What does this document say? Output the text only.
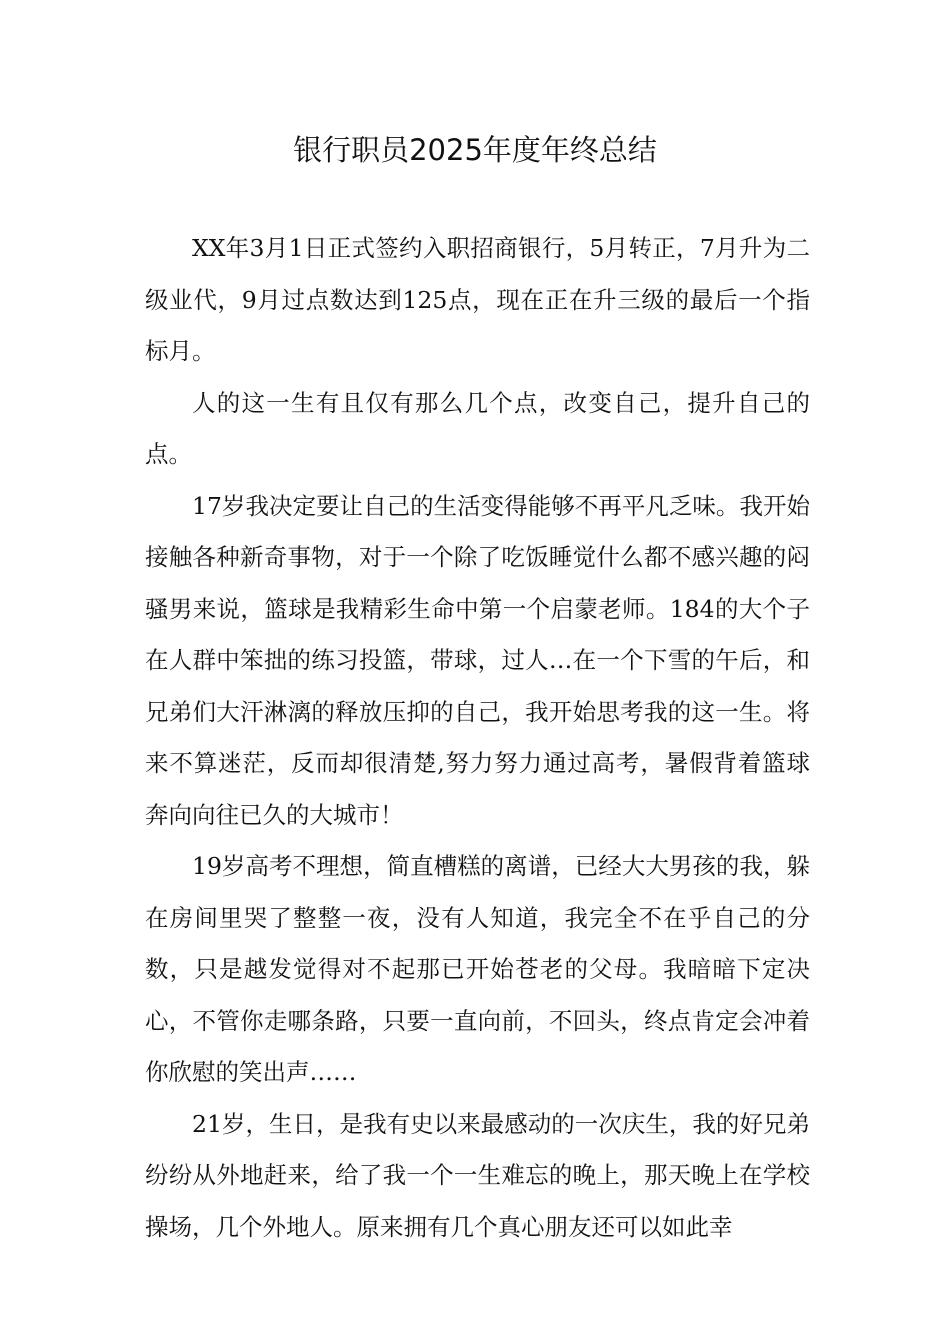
银行职员2025年度年终总结

XX年3月1日正式签约入职招商银行，5月转正，7月升为二级业代，9月过点数达到125点，现在正在升三级的最后一个指标月。

人的这一生有且仅有那么几个点，改变自己，提升自己的点。

17岁我决定要让自己的生活变得能够不再平凡乏味。我开始接触各种新奇事物，对于一个除了吃饭睡觉什么都不感兴趣的闷骚男来说，篮球是我精彩生命中第一个启蒙老师。184的大个子在人群中笨拙的练习投篮，带球，过人…在一个下雪的午后，和兄弟们大汗淋漓的释放压抑的自己，我开始思考我的这一生。将来不算迷茫，反而却很清楚,努力努力通过高考，暑假背着篮球奔向向往已久的大城市！

19岁高考不理想，简直槽糕的离谱，已经大大男孩的我，躲在房间里哭了整整一夜，没有人知道，我完全不在乎自己的分数，只是越发觉得对不起那已开始苍老的父母。我暗暗下定决心，不管你走哪条路，只要一直向前，不回头，终点肯定会冲着你欣慰的笑出声……

21岁，生日，是我有史以来最感动的一次庆生，我的好兄弟纷纷从外地赶来，给了我一个一生难忘的晚上，那天晚上在学校操场，几个外地人。原来拥有几个真心朋友还可以如此幸
